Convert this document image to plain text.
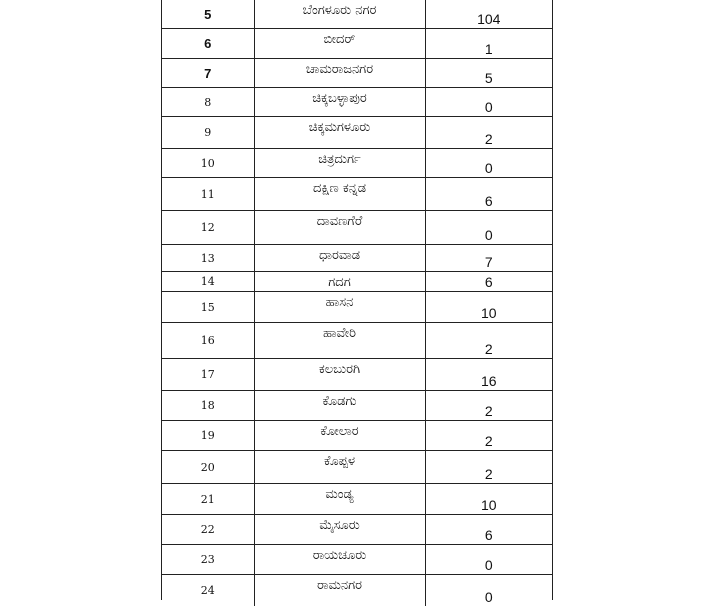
5	ಬೆಂಗಳೂರು ನಗರ	104
6	ಬೀದರ್	1
7	ಚಾಮರಾಜನಗರ	5
8	ಚಿಕ್ಕಬಳ್ಳಾಪುರ	0
9	ಚಿಕ್ಕಮಗಳೂರು	2
10	ಚಿತ್ರದುರ್ಗ	0
11	ದಕ್ಷಿಣ ಕನ್ನಡ	6
12	ದಾವಣಗೆರೆ	0
13	ಧಾರವಾಡ	7
14	ಗದಗ	6
15	ಹಾಸನ	10
16	ಹಾವೇರಿ	2
17	ಕಲಬುರಗಿ	16
18	ಕೊಡಗು	2
19	ಕೋಲಾರ	2
20	ಕೊಪ್ಪಳ	2
21	ಮಂಡ್ಯ	10
22	ಮೈಸೂರು	6
23	ರಾಯಚೂರು	0
24	ರಾಮನಗರ	0
